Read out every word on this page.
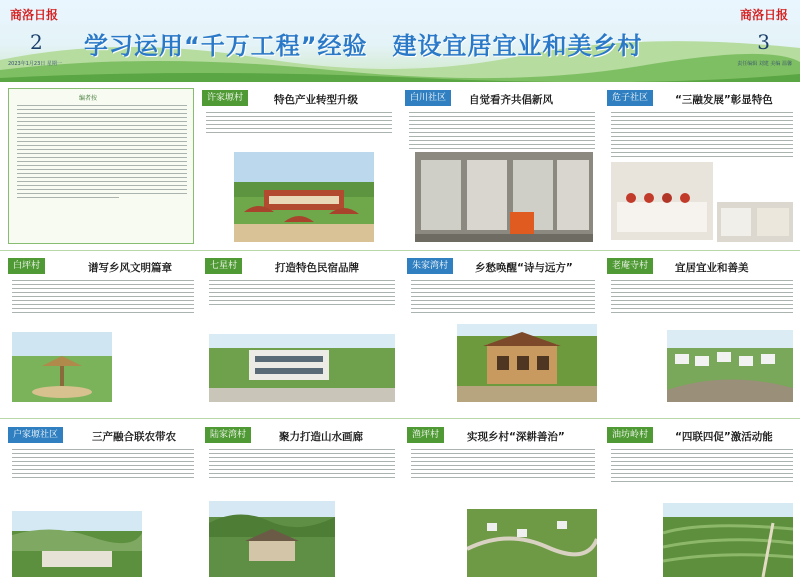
商洛日报	商洛日报
2	3
2023年1月23日 星期一	责任编辑 刘建 美编 温馨
学习运用“千万工程”经验　建设宜居宜业和美乡村
编者按	许家塬村	特色产业转型升级	白川社区	自觉看齐共倡新风	危子社区	“三融发展”彰显特色
白坪村	谱写乡风文明篇章	七星村	打造特色民宿品牌	朱家湾村	乡愁唤醒“诗与远方”	老庵寺村	宜居宜业和善美
户家塬社区	三产融合联农带农	陆家湾村	聚力打造山水画廊	渔坪村	实现乡村“深耕善治”	油坊岭村	“四联四促”激活动能
